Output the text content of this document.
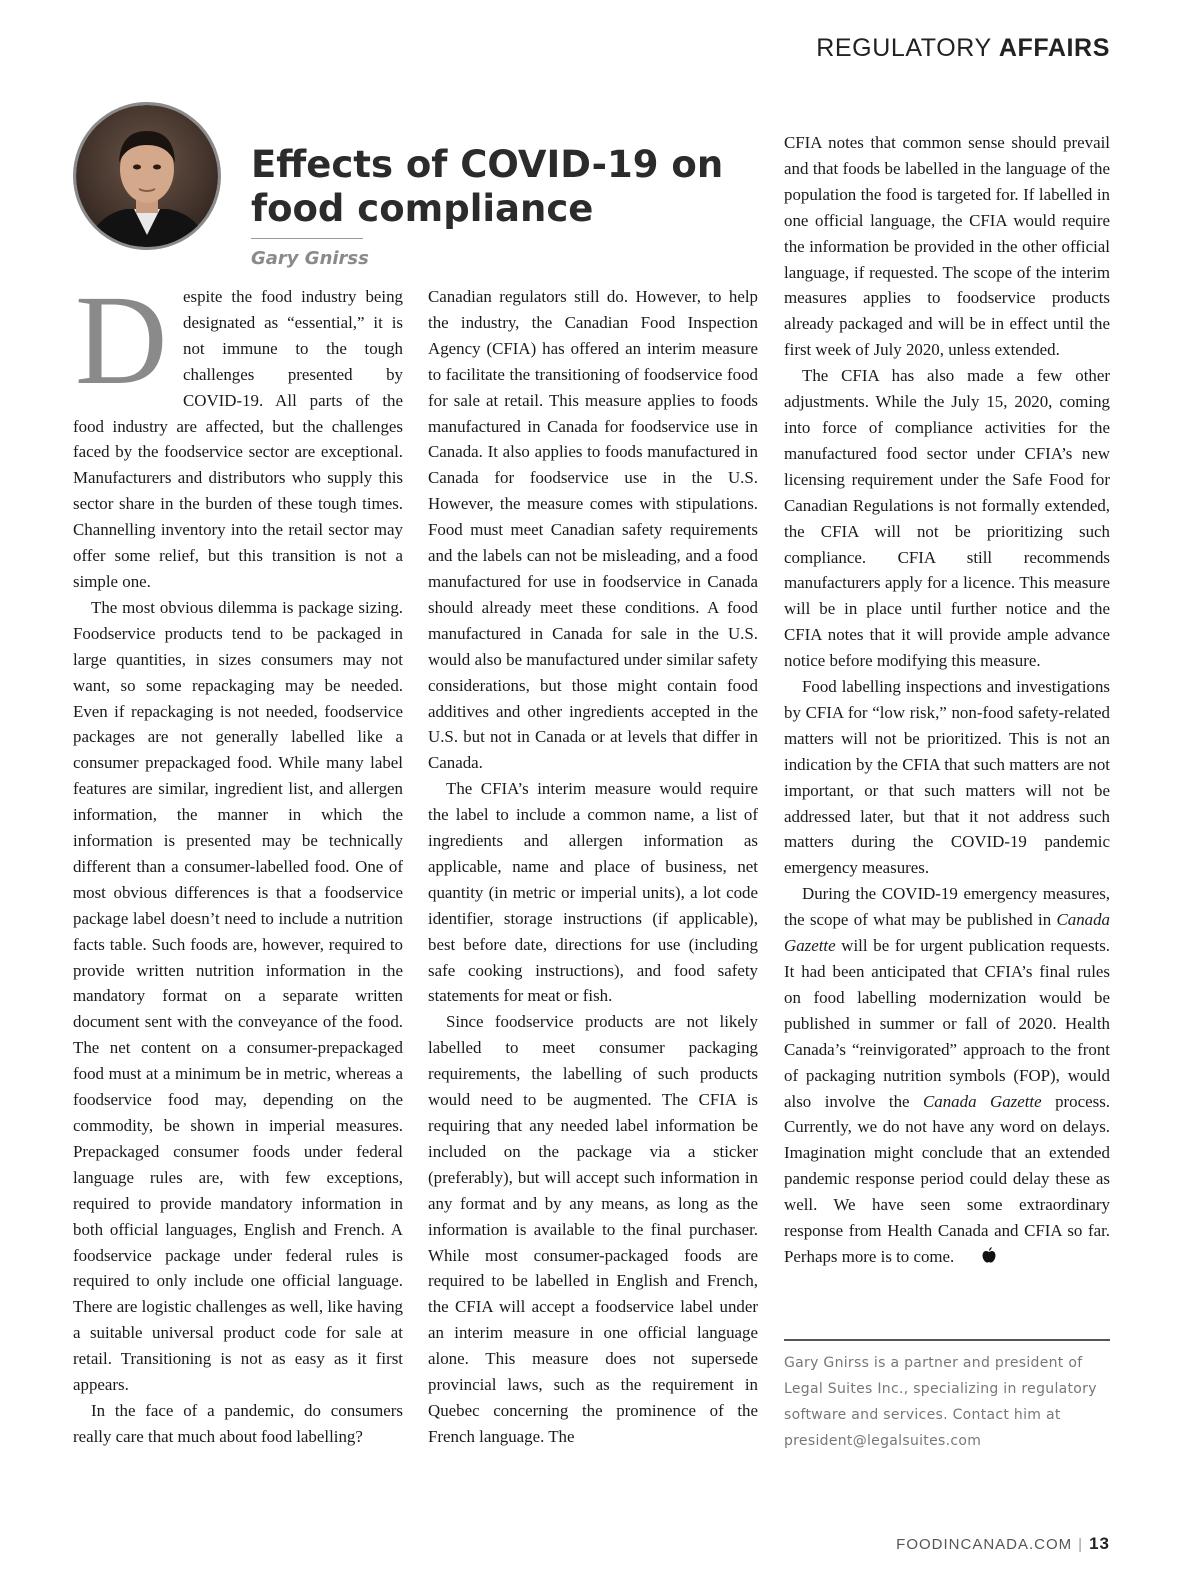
REGULATORY AFFAIRS
Effects of COVID-19 on food compliance
Gary Gnirss

Despite the food industry being designated as “essential,” it is not immune to the tough challenges presented by COVID-19. All parts of the food industry are affected, but the challenges faced by the foodservice sector are exceptional. Manufacturers and distributors who supply this sector share in the burden of these tough times. Channelling inventory into the retail sector may offer some relief, but this transition is not a simple one.

The most obvious dilemma is package sizing. Foodservice products tend to be packaged in large quantities, in sizes consumers may not want, so some repackaging may be needed. Even if repackaging is not needed, foodservice packages are not generally labelled like a consumer prepackaged food. While many label features are similar, ingredient list, and allergen information, the manner in which the information is presented may be technically different than a consumer-labelled food. One of most obvious differences is that a foodservice package label doesn’t need to include a nutrition facts table. Such foods are, however, required to provide written nutrition information in the mandatory format on a separate written document sent with the conveyance of the food. The net content on a consumer-prepackaged food must at a minimum be in metric, whereas a foodservice food may, depending on the commodity, be shown in imperial measures. Prepackaged consumer foods under federal language rules are, with few exceptions, required to provide mandatory information in both official languages, English and French. A foodservice package under federal rules is required to only include one official language. There are logistic challenges as well, like having a suitable universal product code for sale at retail. Transitioning is not as easy as it first appears.

In the face of a pandemic, do consumers really care that much about food labelling?

Canadian regulators still do. However, to help the industry, the Canadian Food Inspection Agency (CFIA) has offered an interim measure to facilitate the transitioning of foodservice food for sale at retail. This measure applies to foods manufactured in Canada for foodservice use in Canada. It also applies to foods manufactured in Canada for foodservice use in the U.S. However, the measure comes with stipulations. Food must meet Canadian safety requirements and the labels can not be misleading, and a food manufactured for use in foodservice in Canada should already meet these conditions. A food manufactured in Canada for sale in the U.S. would also be manufactured under similar safety considerations, but those might contain food additives and other ingredients accepted in the U.S. but not in Canada or at levels that differ in Canada.

The CFIA’s interim measure would require the label to include a common name, a list of ingredients and allergen information as applicable, name and place of business, net quantity (in metric or imperial units), a lot code identifier, storage instructions (if applicable), best before date, directions for use (including safe cooking instructions), and food safety statements for meat or fish.

Since foodservice products are not likely labelled to meet consumer packaging requirements, the labelling of such products would need to be augmented. The CFIA is requiring that any needed label information be included on the package via a sticker (preferably), but will accept such information in any format and by any means, as long as the information is available to the final purchaser. While most consumer-packaged foods are required to be labelled in English and French, the CFIA will accept a foodservice label under an interim measure in one official language alone. This measure does not supersede provincial laws, such as the requirement in Quebec concerning the prominence of the French language. The

CFIA notes that common sense should prevail and that foods be labelled in the language of the population the food is targeted for. If labelled in one official language, the CFIA would require the information be provided in the other official language, if requested. The scope of the interim measures applies to foodservice products already packaged and will be in effect until the first week of July 2020, unless extended.

The CFIA has also made a few other adjustments. While the July 15, 2020, coming into force of compliance activities for the manufactured food sector under CFIA’s new licensing requirement under the Safe Food for Canadian Regulations is not formally extended, the CFIA will not be prioritizing such compliance. CFIA still recommends manufacturers apply for a licence. This measure will be in place until further notice and the CFIA notes that it will provide ample advance notice before modifying this measure.

Food labelling inspections and investigations by CFIA for “low risk,” non-food safety-related matters will not be prioritized. This is not an indication by the CFIA that such matters are not important, or that such matters will not be addressed later, but that it not address such matters during the COVID-19 pandemic emergency measures.

During the COVID-19 emergency measures, the scope of what may be published in Canada Gazette will be for urgent publication requests. It had been anticipated that CFIA’s final rules on food labelling modernization would be published in summer or fall of 2020. Health Canada’s “reinvigorated” approach to the front of packaging nutrition symbols (FOP), would also involve the Canada Gazette process. Currently, we do not have any word on delays. Imagination might conclude that an extended pandemic response period could delay these as well. We have seen some extraordinary response from Health Canada and CFIA so far. Perhaps more is to come.

Gary Gnirss is a partner and president of Legal Suites Inc., specializing in regulatory software and services. Contact him at president@legalsuites.com

FOODINCANADA.COM | 13
